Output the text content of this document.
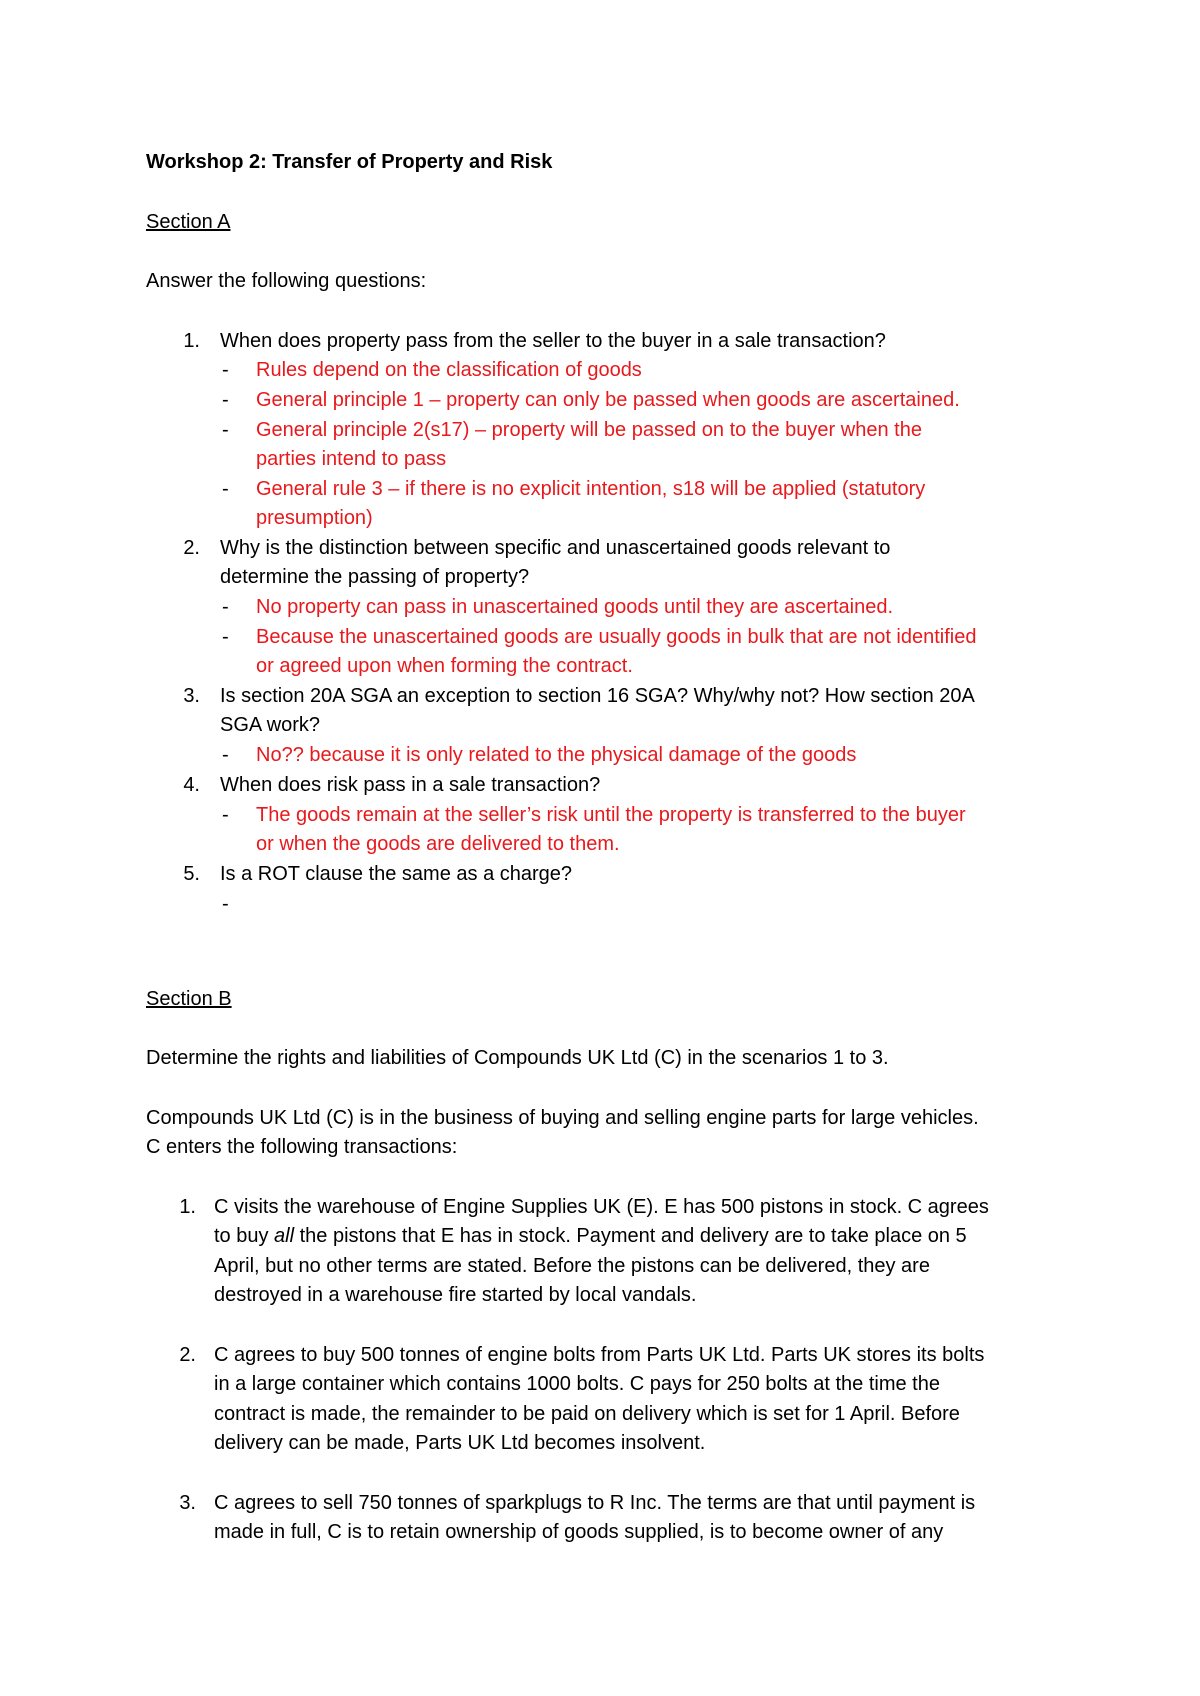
Workshop 2: Transfer of Property and Risk
Section A
Answer the following questions:
1. When does property pass from the seller to the buyer in a sale transaction?
- Rules depend on the classification of goods
- General principle 1 – property can only be passed when goods are ascertained.
- General principle 2(s17) – property will be passed on to the buyer when the
parties intend to pass
- General rule 3 – if there is no explicit intention, s18 will be applied (statutory
presumption)
2. Why is the distinction between specific and unascertained goods relevant to
determine the passing of property?
- No property can pass in unascertained goods until they are ascertained.
- Because the unascertained goods are usually goods in bulk that are not identified
or agreed upon when forming the contract.
3. Is section 20A SGA an exception to section 16 SGA? Why/why not? How section 20A
SGA work?
- No?? because it is only related to the physical damage of the goods
4. When does risk pass in a sale transaction?
- The goods remain at the seller’s risk until the property is transferred to the buyer
or when the goods are delivered to them.
5. Is a ROT clause the same as a charge?
-
Section B
Determine the rights and liabilities of Compounds UK Ltd (C) in the scenarios 1 to 3.
Compounds UK Ltd (C) is in the business of buying and selling engine parts for large vehicles.
C enters the following transactions:
1. C visits the warehouse of Engine Supplies UK (E). E has 500 pistons in stock. C agrees
to buy all the pistons that E has in stock. Payment and delivery are to take place on 5
April, but no other terms are stated. Before the pistons can be delivered, they are
destroyed in a warehouse fire started by local vandals.
2. C agrees to buy 500 tonnes of engine bolts from Parts UK Ltd. Parts UK stores its bolts
in a large container which contains 1000 bolts. C pays for 250 bolts at the time the
contract is made, the remainder to be paid on delivery which is set for 1 April. Before
delivery can be made, Parts UK Ltd becomes insolvent.
3. C agrees to sell 750 tonnes of sparkplugs to R Inc. The terms are that until payment is
made in full, C is to retain ownership of goods supplied, is to become owner of any
